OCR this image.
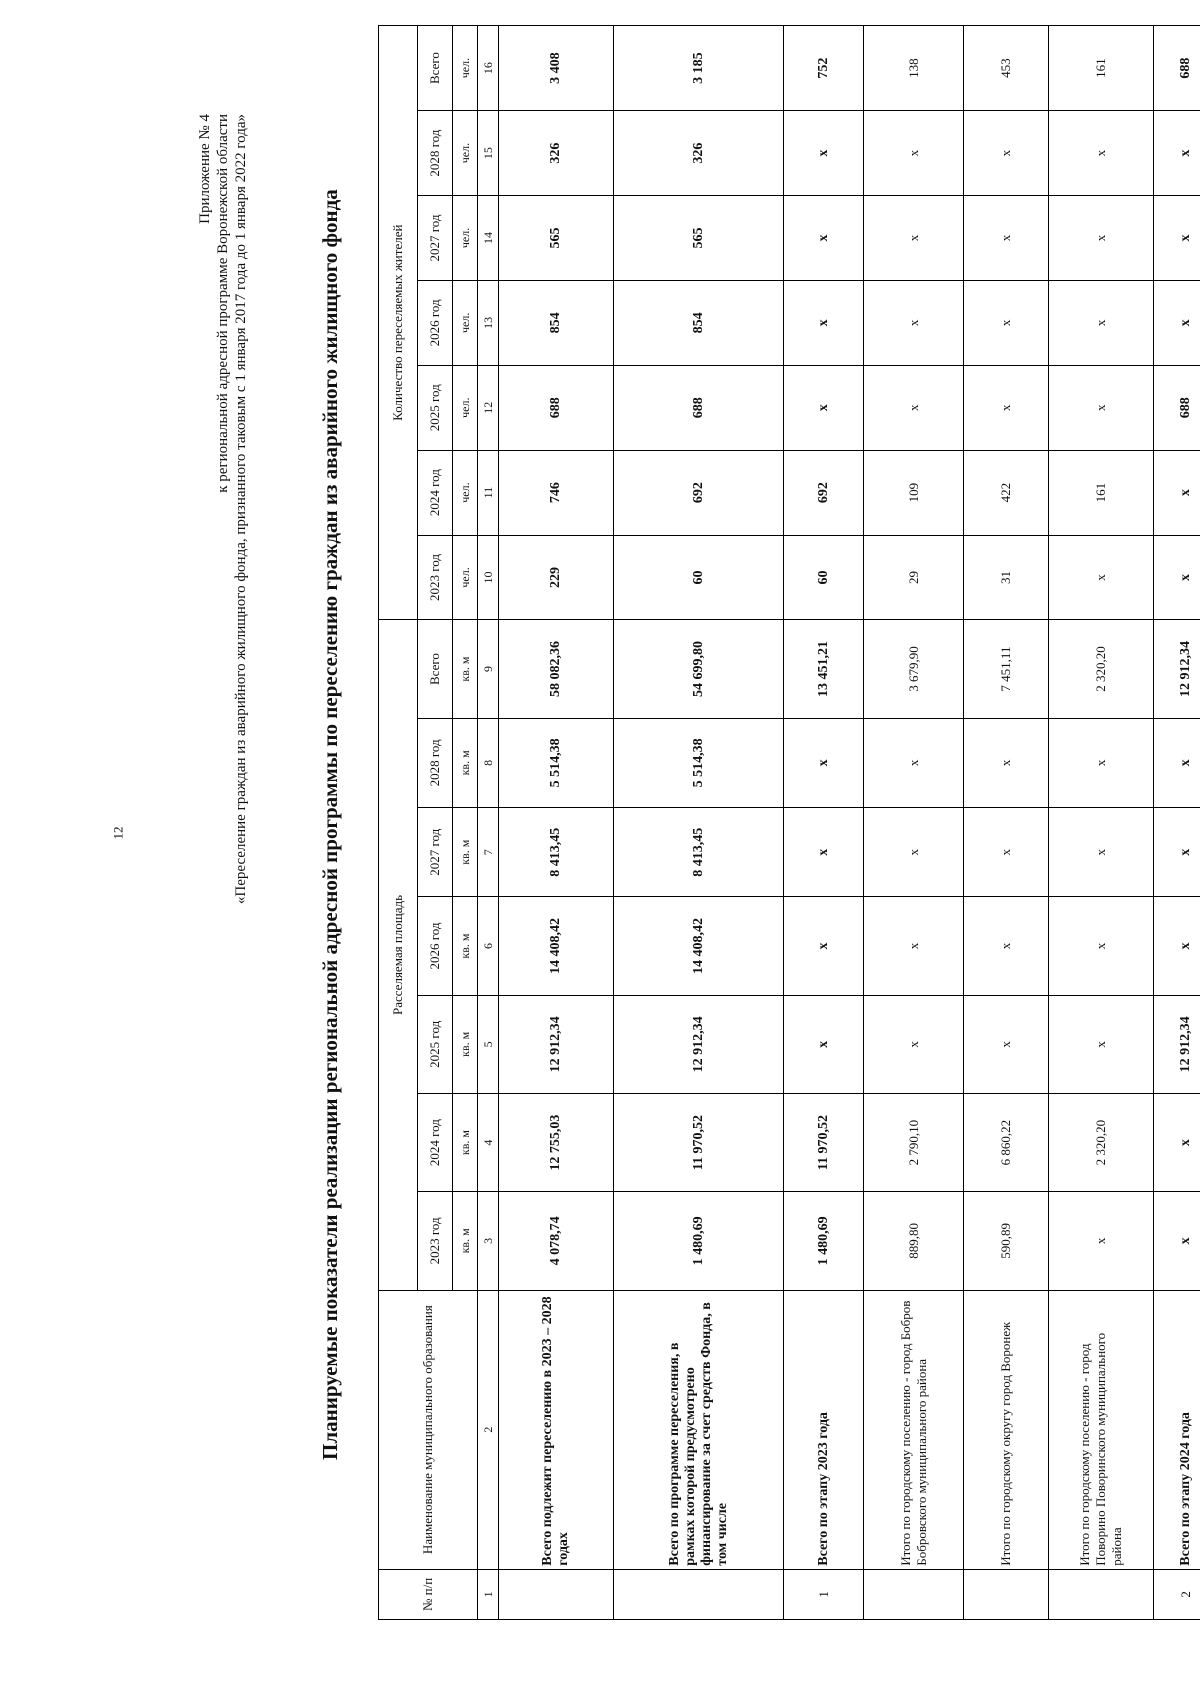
12
Приложение № 4 к региональной адресной программе Воронежской области «Переселение граждан из аварийного жилищного фонда, признанного таковым с 1 января 2017 года до 1 января 2022 года»	Планируемые показатели реализации региональной адресной программы по переселению граждан из аварийного жилищного фонда
№ п/п	Наименование муниципального образования	Расселяемая площадь							Количество переселяемых жителей						
		2023 год	2024 год	2025 год	2026 год	2027 год	2028 год	Всего	2023 год	2024 год	2025 год	2026 год	2027 год	2028 год	Всего
		кв. м	кв. м	кв. м	кв. м	кв. м	кв. м	кв. м	чел.	чел.	чел.	чел.	чел.	чел.	чел.
1	2	3	4	5	6	7	8	9	10	11	12	13	14	15	16
	Всего подлежит переселению в 2023 – 2028 годах	4 078,74	12 755,03	12 912,34	14 408,42	8 413,45	5 514,38	58 082,36	229	746	688	854	565	326	3 408
	Всего по программе переселения, в рамках которой предусмотрено финансирование за счет средств Фонда, в том числе	1 480,69	11 970,52	12 912,34	14 408,42	8 413,45	5 514,38	54 699,80	60	692	688	854	565	326	3 185
1	Всего по этапу 2023 года	1 480,69	11 970,52	x	x	x	x	13 451,21	60	692	x	x	x	x	752
	Итого по городскому поселению - город Бобров Бобровского муниципального района	889,80	2 790,10	x	x	x	x	3 679,90	29	109	x	x	x	x	138
	Итого по городскому округу город Воронеж	590,89	6 860,22	x	x	x	x	7 451,11	31	422	x	x	x	x	453
	Итого по городскому поселению - город Поворино Поворинского муниципального района	x	2 320,20	x	x	x	x	2 320,20	x	161	x	x	x	x	161
2	Всего по этапу 2024 года	x	x	12 912,34	x	x	x	12 912,34	x	x	688	x	x	x	688
